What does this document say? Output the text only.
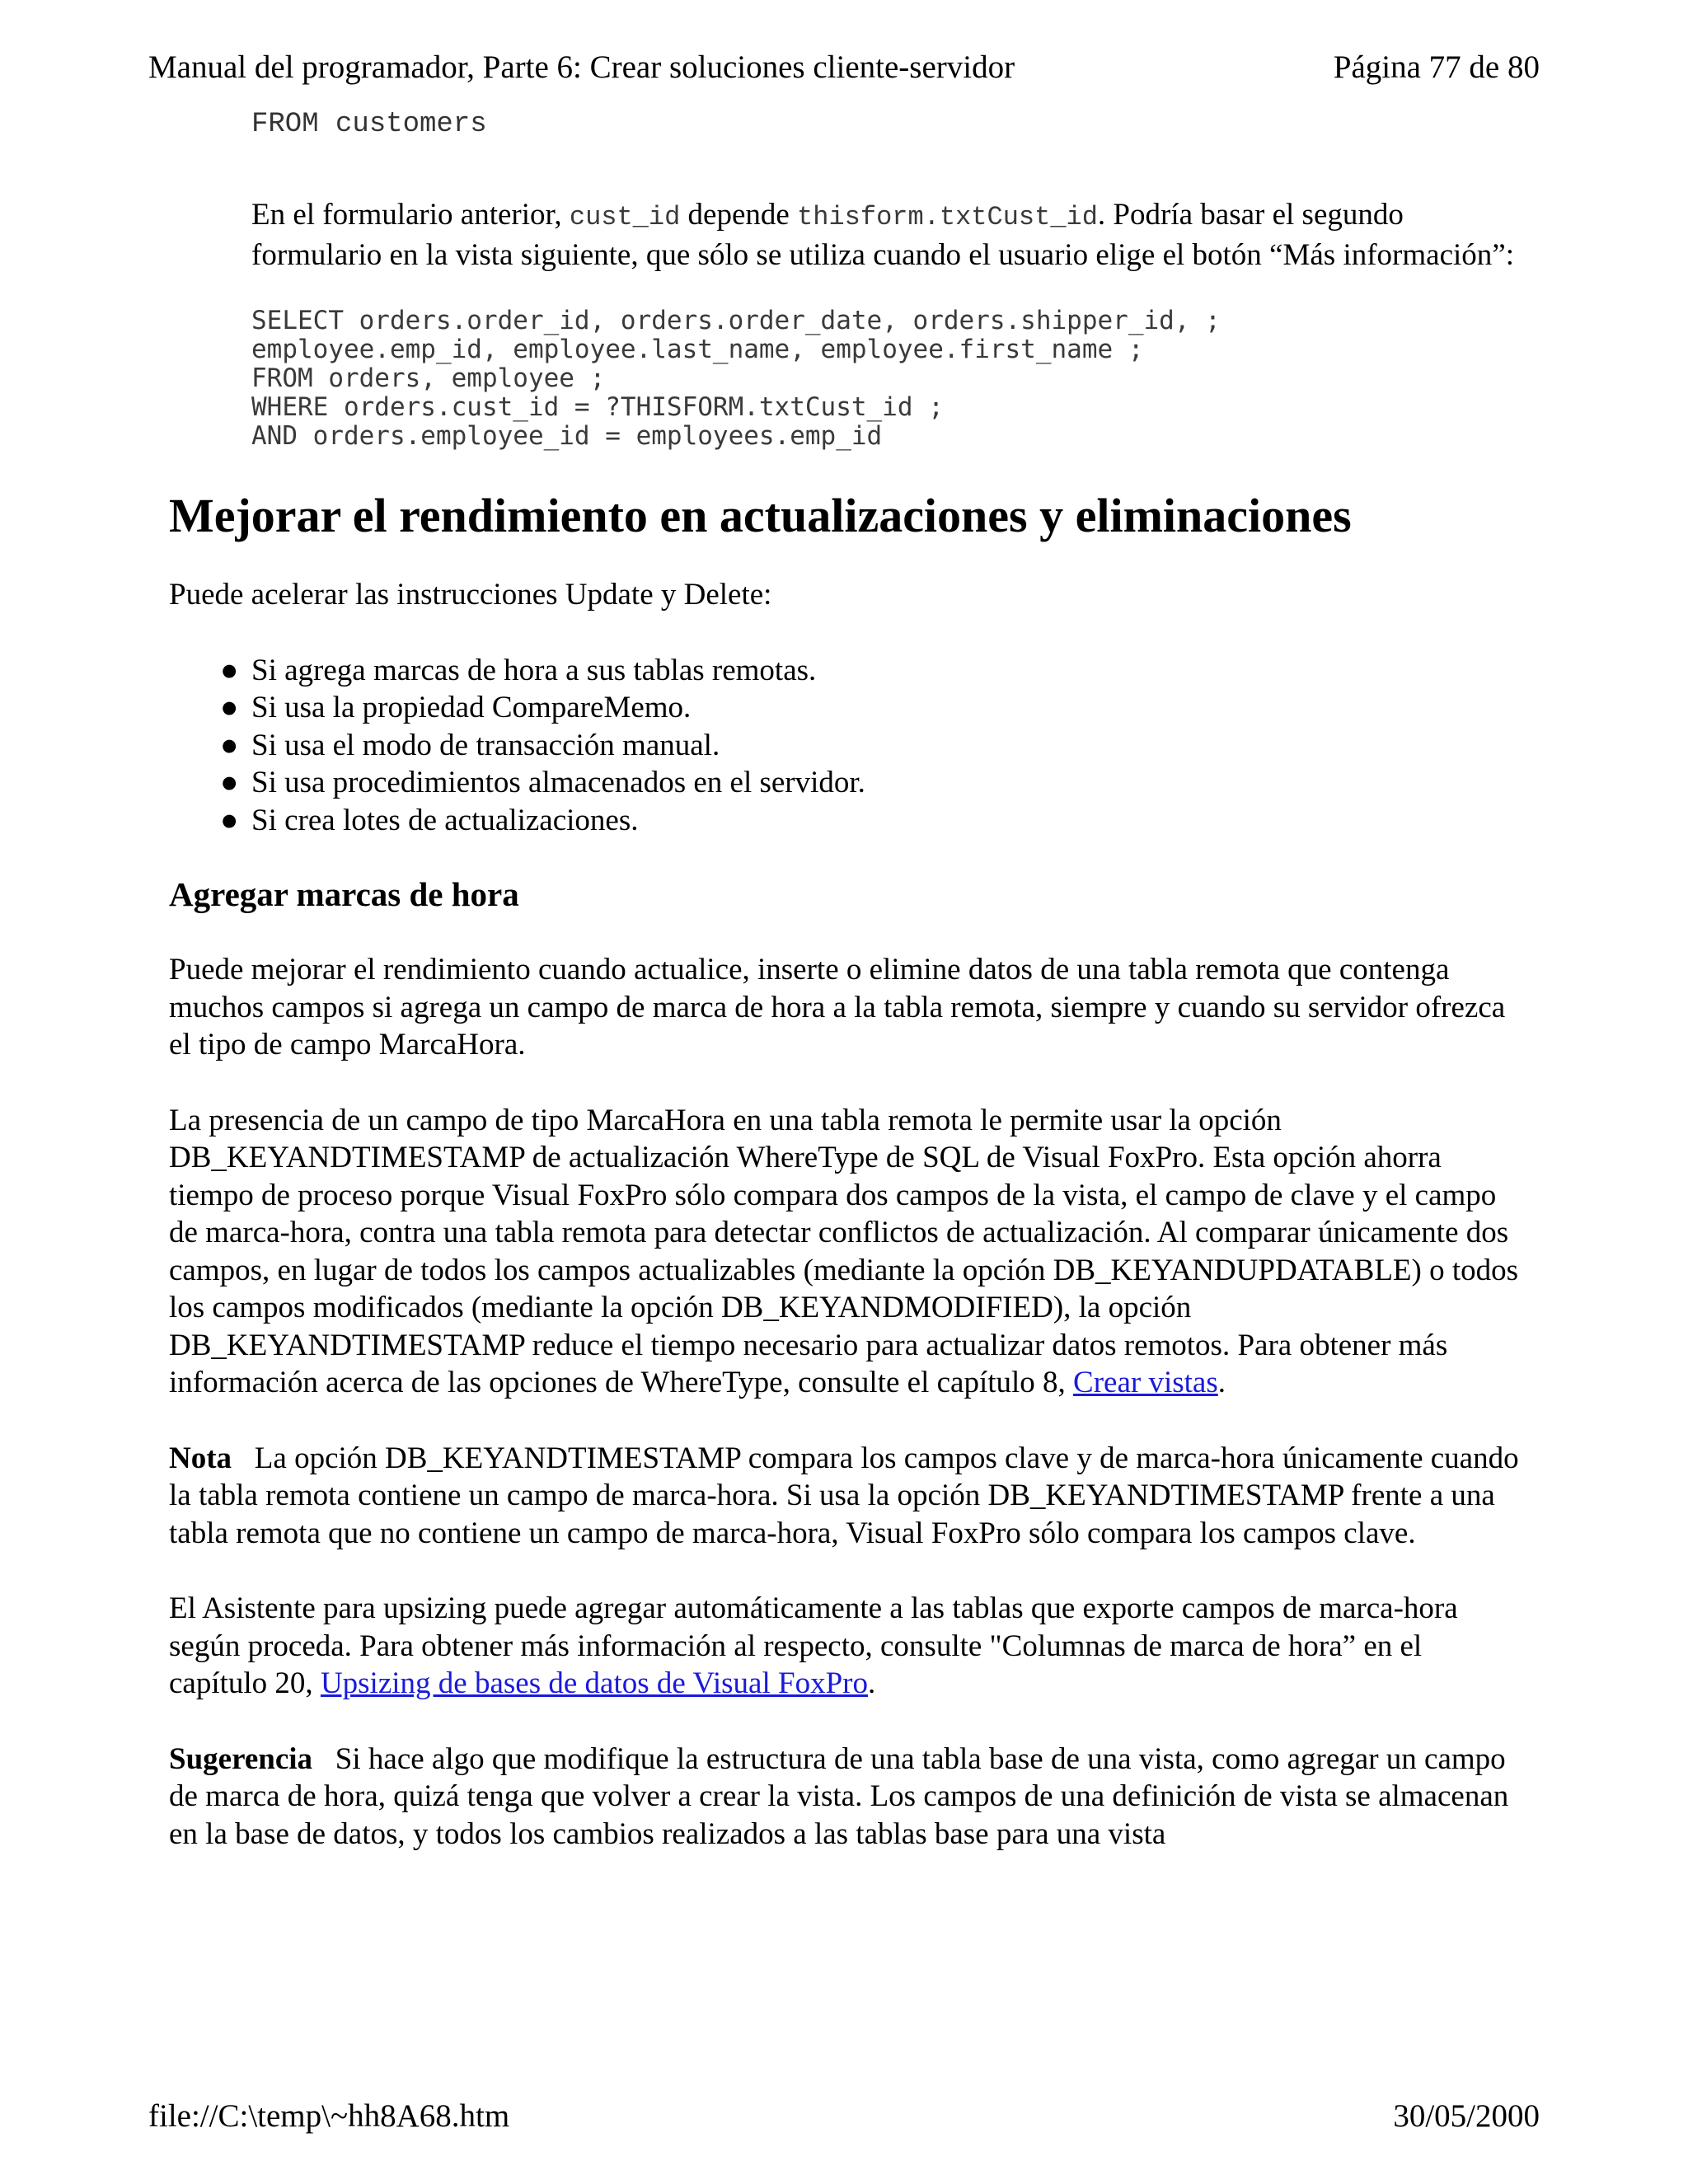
Manual del programador, Parte 6: Crear soluciones cliente-servidor	Página 77 de 80
FROM customers

En el formulario anterior, cust_id depende thisform.txtCust_id. Podría basar el segundo formulario en la vista siguiente, que sólo se utiliza cuando el usuario elige el botón “Más información”:

SELECT orders.order_id, orders.order_date, orders.shipper_id, ;
employee.emp_id, employee.last_name, employee.first_name ;
FROM orders, employee ;
WHERE orders.cust_id = ?THISFORM.txtCust_id ;
AND orders.employee_id = employees.emp_id
Mejorar el rendimiento en actualizaciones y eliminaciones

Puede acelerar las instrucciones Update y Delete:

● Si agrega marcas de hora a sus tablas remotas.
● Si usa la propiedad CompareMemo.
● Si usa el modo de transacción manual.
● Si usa procedimientos almacenados en el servidor.
● Si crea lotes de actualizaciones.
Agregar marcas de hora

Puede mejorar el rendimiento cuando actualice, inserte o elimine datos de una tabla remota que contenga muchos campos si agrega un campo de marca de hora a la tabla remota, siempre y cuando su servidor ofrezca el tipo de campo MarcaHora.

La presencia de un campo de tipo MarcaHora en una tabla remota le permite usar la opción DB_KEYANDTIMESTAMP de actualización WhereType de SQL de Visual FoxPro. Esta opción ahorra tiempo de proceso porque Visual FoxPro sólo compara dos campos de la vista, el campo de clave y el campo de marca-hora, contra una tabla remota para detectar conflictos de actualización. Al comparar únicamente dos campos, en lugar de todos los campos actualizables (mediante la opción DB_KEYANDUPDATABLE) o todos los campos modificados (mediante la opción DB_KEYANDMODIFIED), la opción DB_KEYANDTIMESTAMP reduce el tiempo necesario para actualizar datos remotos. Para obtener más información acerca de las opciones de WhereType, consulte el capítulo 8, Crear vistas.

Nota La opción DB_KEYANDTIMESTAMP compara los campos clave y de marca-hora únicamente cuando la tabla remota contiene un campo de marca-hora. Si usa la opción DB_KEYANDTIMESTAMP frente a una tabla remota que no contiene un campo de marca-hora, Visual FoxPro sólo compara los campos clave.

El Asistente para upsizing puede agregar automáticamente a las tablas que exporte campos de marca-hora según proceda. Para obtener más información al respecto, consulte "Columnas de marca de hora” en el capítulo 20, Upsizing de bases de datos de Visual FoxPro.

Sugerencia Si hace algo que modifique la estructura de una tabla base de una vista, como agregar un campo de marca de hora, quizá tenga que volver a crear la vista. Los campos de una definición de vista se almacenan en la base de datos, y todos los cambios realizados a las tablas base para una vista

file://C:\temp\~hh8A68.htm	30/05/2000
